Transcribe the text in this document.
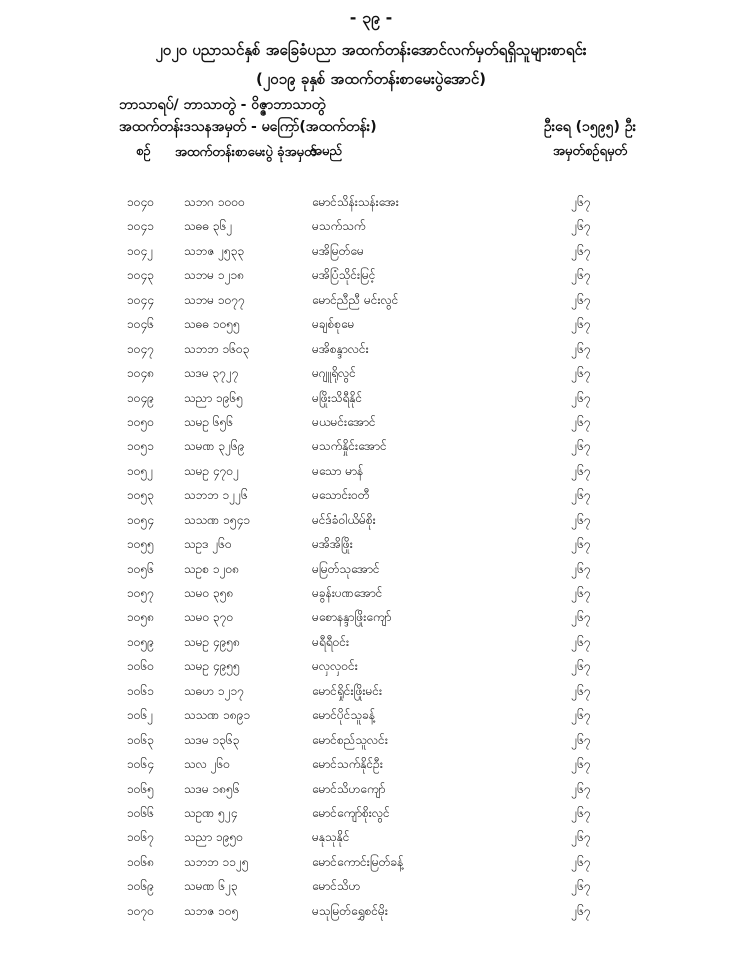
- ၃၉ -
၂၀၂၀ ပညာသင်နှစ် အခြေခံပညာ အထက်တန်းအောင်လက်မှတ်ရရှိသူများစာရင်း
(၂၀၁၉ ခုနှစ် အထက်တန်းစာမေးပွဲအောင်)
ဘာသာရပ်/ ဘာသာတွဲ - ဝိဇ္ဇာဘာသာတွဲ
အထက်တန်းဒသနအမှတ် - မကြော်(အထက်တန်း)	ဦးရေ (၁၅၉၅) ဦး
စဉ် အထက်တန်းစာမေးပွဲ ခုံအမှတ်
အမည်	အမှတ်စဉ်ရမှတ်
၁၀၄၀	သဘဂ ၁၀၀၀	မောင်သိန်းသန်းအေး	၂၆၇
၁၀၄၁	သဓဓ ၃၆၂	မသက်သက်	၂၆၇
၁၀၄၂	သဘဇ ၂၅၃၃	မအိမြတ်မေ	၂၆၇
၁၀၄၃	သဘမ ၁၂၁၈	မအိပြံသိုင်းမြင့်	၂၆၇
၁၀၄၄	သဘမ ၁၀၇၇	မောင်ညီညီ မင်းလွင်	၂၆၇
၁၀၄၆	သဓဓ ၁၀၅၅	မချစ်စုမေ	၂၆၇
၁၀၄၇	သဘဘ ၁၆၀၃	မအိစန္ဒာလင်း	၂၆၇
၁၀၄၈	သဒမ ၃၇၂၇	မဂျူရိုလွင်	၂၆၇
၁၀၄၉	သညာ ၁၉၆၅	မဖြိုးသိရီနိုင်	၂၆၇
၁၀၅၀	သမဥ ၆၅၆	မယမင်းအောင်	၂၆၇
၁၀၅၁	သမဏ ၃၂၆၉	မသက်နှိုင်းအောင်	၂၆၇
၁၀၅၂	သမဥ ၄၇၀၂	မသော မာန်	၂၆၇
၁၀၅၃	သဘဘ ၁၂၂၆	မသောင်းဝတီ	၂၆၇
၁၀၅၄	သသဏ ၁၅၄၁	မင်ဒ်ခံဝါယိမ်စိုး	၂၆၇
၁၀၅၅	သဥဒ ၂၆၀	မအိအိဖြိုး	၂၆၇
၁၀၅၆	သဥစ ၁၂၀၈	မမြတ်သုအောင်	၂၆၇
၁၀၅၇	သမဝ ၃၅၈	မခွန်းပဏအောင်	၂၆၇
၁၀၅၈	သမဝ ၃၇၀	မစောနန္ဒာဖြိုးကျော်	၂၆၇
၁၀၅၉	သမဥ ၄၉၅၈	မရီရီဝင်း	၂၆၇
၁၀၆၀	သမဥ ၄၉၅၅	မလှလှဝင်း	၂၆၇
၁၀၆၁	သဓဟ ၁၂၁၇	မောင်ရှိုင်းဖြိုးမင်း	၂၆၇
၁၀၆၂	သသဏ ၁၈၉၁	မောင်ပိုင်သူခန့်	၂၆၇
၁၀၆၃	သဒမ ၁၃၆၃	မောင်စည်သူလင်း	၂၆၇
၁၀၆၄	သလ ၂၆၀	မောင်သက်နိုင်ဦး	၂၆၇
၁၀၆၅	သဒမ ၁၈၅၆	မောင်သိဟကျော်	၂၆၇
၁၀၆၆	သဥဏ ၅၂၄	မောင်ကျော်စိုးလွင်	၂၆၇
၁၀၆၇	သညာ ၁၉၅၀	မနုသုနိုင်	၂၆၇
၁၀၆၈	သဘဘ ၁၁၂၅	မောင်ကောင်းမြတ်ခန့်	၂၆၇
၁၀၆၉	သမဏ ၆၂၃	မောင်သိဟ	၂၆၇
၁၀၇၀	သဘဇ ၁၀၅	မသုမြတ်ရွှေစင်မိုး	၂၆၇
